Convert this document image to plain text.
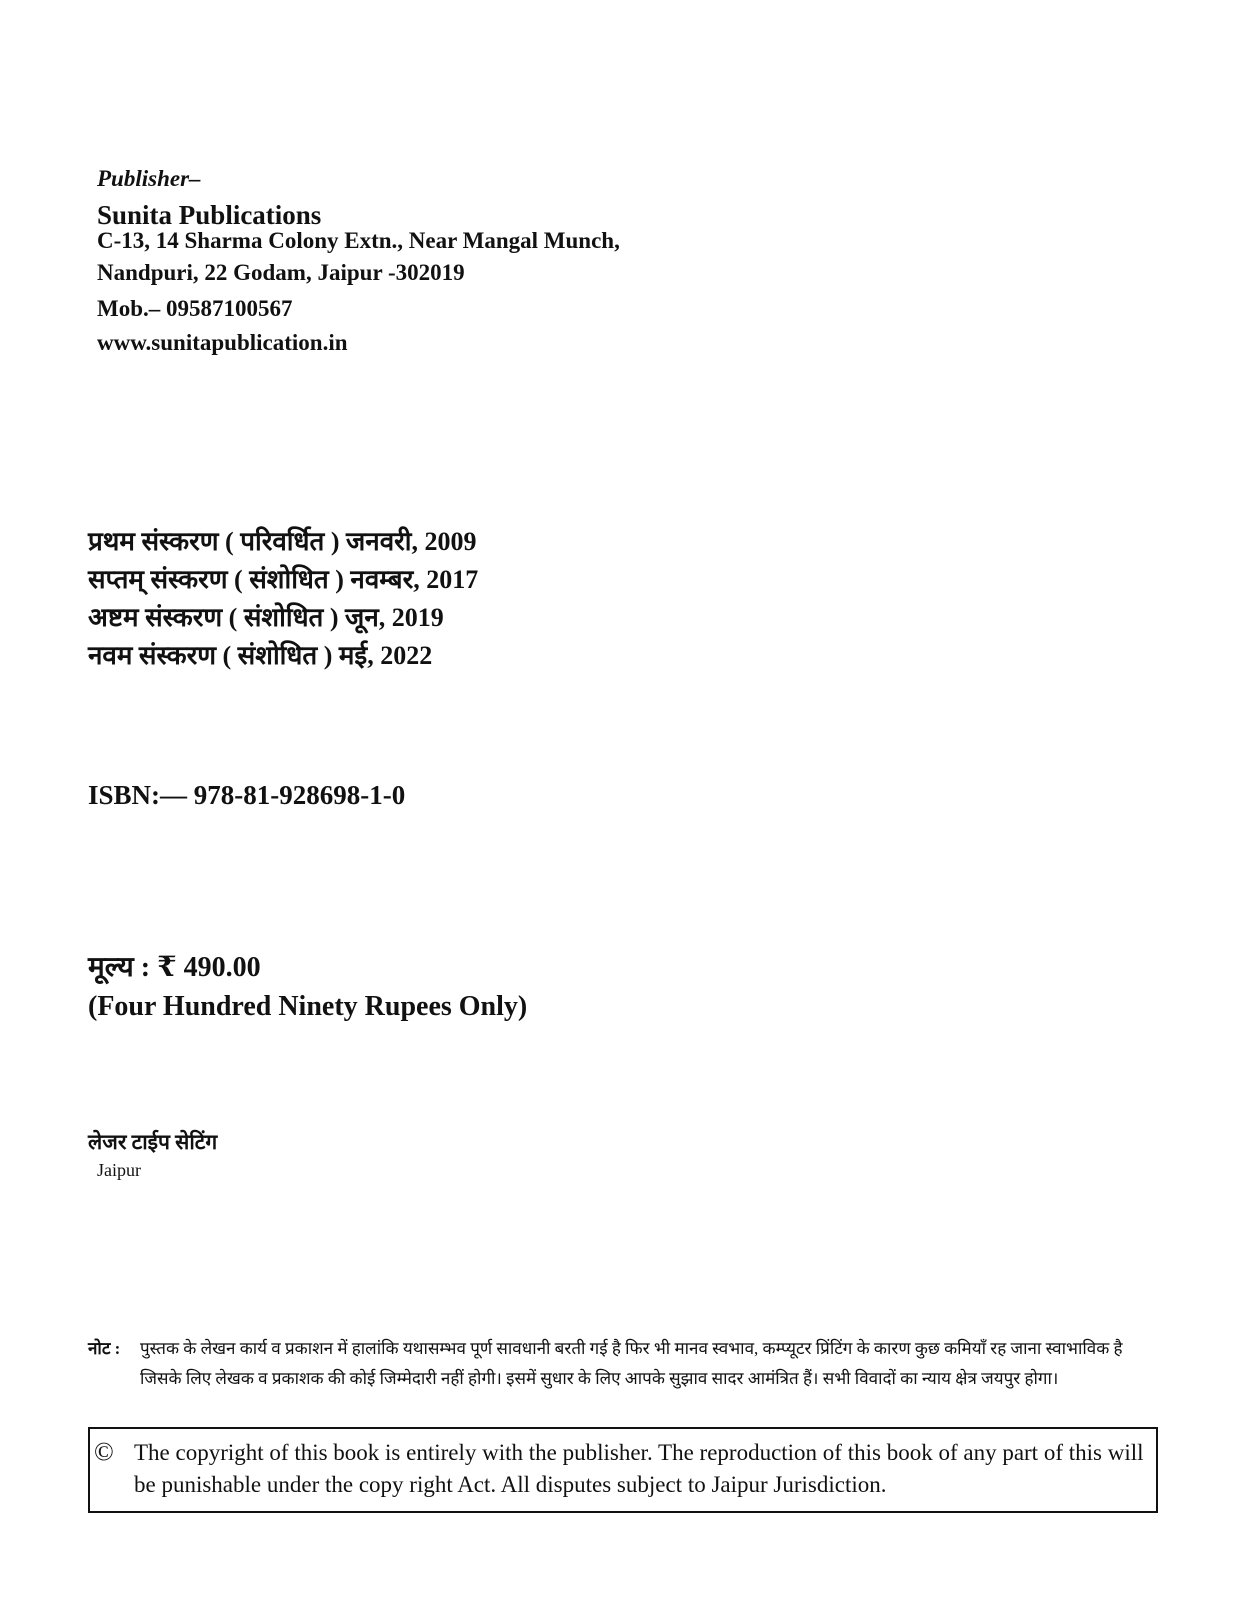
Publisher–
Sunita Publications
C-13, 14 Sharma Colony Extn., Near Mangal Munch,
Nandpuri, 22 Godam, Jaipur -302019
Mob.– 09587100567
www.sunitapublication.in
प्रथम संस्करण ( परिवर्धित ) जनवरी, 2009
सप्तम् संस्करण ( संशोधित ) नवम्बर, 2017
अष्टम संस्करण ( संशोधित ) जून, 2019
नवम संस्करण ( संशोधित ) मई, 2022
ISBN:— 978-81-928698-1-0
मूल्य : ₹ 490.00
(Four Hundred Ninety Rupees Only)
लेजर टाईप सेटिंग
Jaipur
नोट : पुस्तक के लेखन कार्य व प्रकाशन में हालांकि यथासम्भव पूर्ण सावधानी बरती गई है फिर भी मानव स्वभाव, कम्प्यूटर प्रिंटिंग के कारण कुछ कमियाँ रह जाना स्वाभाविक है जिसके लिए लेखक व प्रकाशक की कोई जिम्मेदारी नहीं होगी। इसमें सुधार के लिए आपके सुझाव सादर आमंत्रित हैं। सभी विवादों का न्याय क्षेत्र जयपुर होगा।
© The copyright of this book is entirely with the publisher. The reproduction of this book of any part of this will be punishable under the copy right Act. All disputes subject to Jaipur Jurisdiction.
